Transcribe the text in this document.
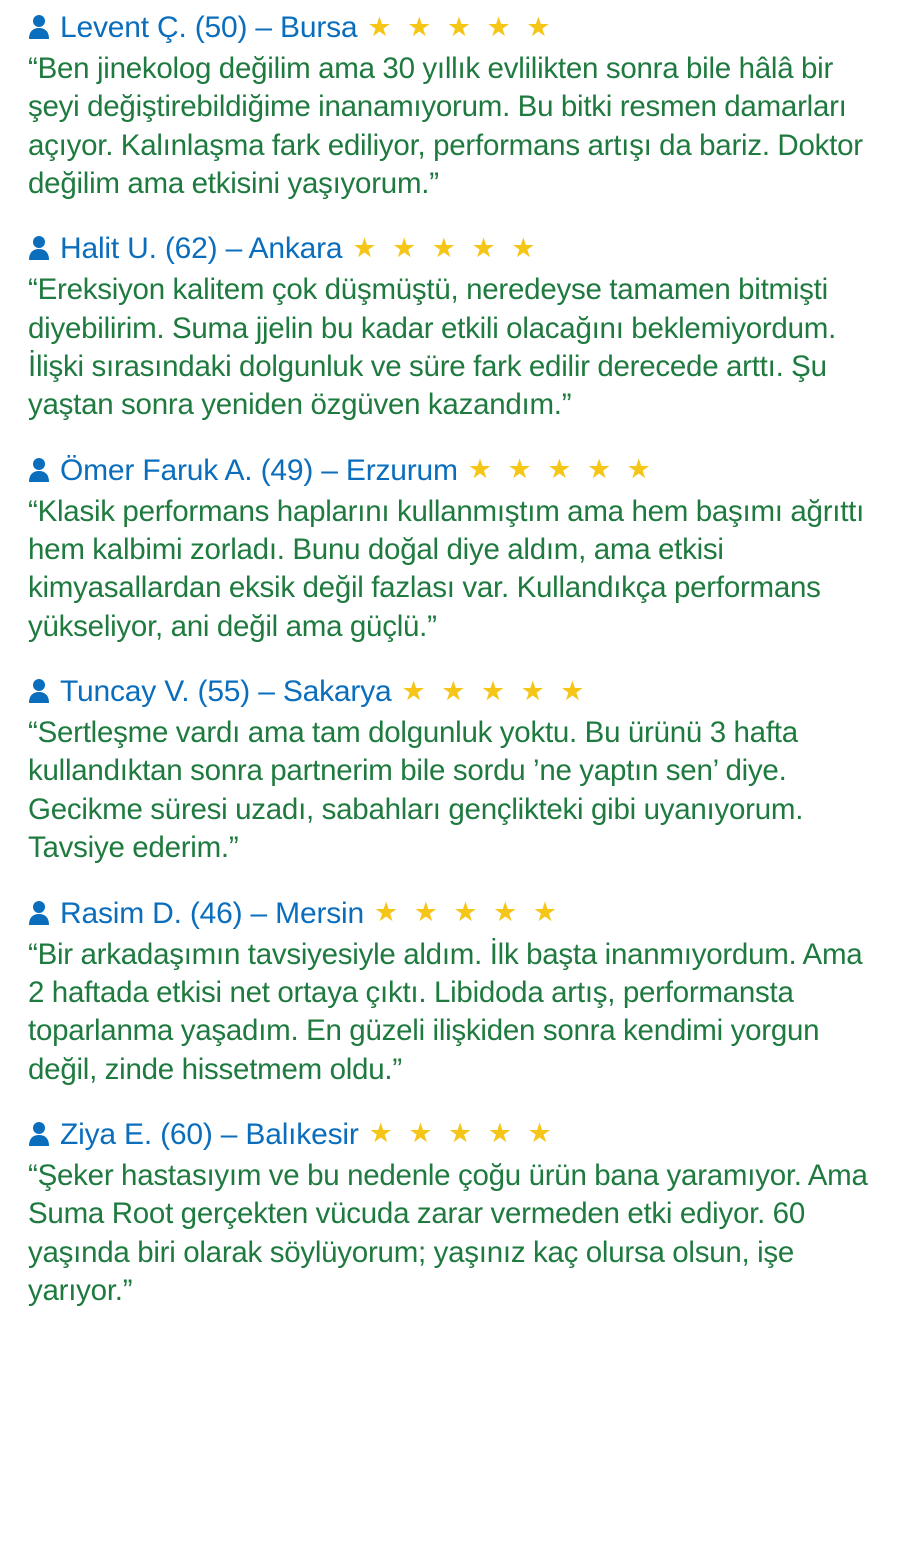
Levent Ç. (50) – Bursa ★ ★ ★ ★ ★

“Ben jinekolog değilim ama 30 yıllık evlilikten sonra bile hâlâ bir şeyi değiştirebildiğime inanamıyorum. Bu bitki resmen damarları açıyor. Kalınlaşma fark ediliyor, performans artışı da bariz. Doktor değilim ama etkisini yaşıyorum.”

Halit U. (62) – Ankara ★ ★ ★ ★ ★

“Ereksiyon kalitem çok düşmüştü, neredeyse tamamen bitmişti diyebilirim. Suma jjelin bu kadar etkili olacağını beklemiyordum. İlişki sırasındaki dolgunluk ve süre fark edilir derecede arttı. Şu yaştan sonra yeniden özgüven kazandım.”

Ömer Faruk A. (49) – Erzurum ★ ★ ★ ★ ★

“Klasik performans haplarını kullanmıştım ama hem başımı ağrıttı hem kalbimi zorladı. Bunu doğal diye aldım, ama etkisi kimyasallardan eksik değil fazlası var. Kullandıkça performans yükseliyor, ani değil ama güçlü.”

Tuncay V. (55) – Sakarya ★ ★ ★ ★ ★

“Sertleşme vardı ama tam dolgunluk yoktu. Bu ürünü 3 hafta kullandıktan sonra partnerim bile sordu ’ne yaptın sen’ diye. Gecikme süresi uzadı, sabahları gençlikteki gibi uyanıyorum. Tavsiye ederim.”

Rasim D. (46) – Mersin ★ ★ ★ ★ ★

“Bir arkadaşımın tavsiyesiyle aldım. İlk başta inanmıyordum. Ama 2 haftada etkisi net ortaya çıktı. Libidoda artış, performansta toparlanma yaşadım. En güzeli ilişkiden sonra kendimi yorgun değil, zinde hissetmem oldu.”

Ziya E. (60) – Balıkesir ★ ★ ★ ★ ★

“Şeker hastasıyım ve bu nedenle çoğu ürün bana yaramıyor. Ama Suma Root gerçekten vücuda zarar vermeden etki ediyor. 60 yaşında biri olarak söylüyorum; yaşınız kaç olursa olsun, işe yarıyor.”
